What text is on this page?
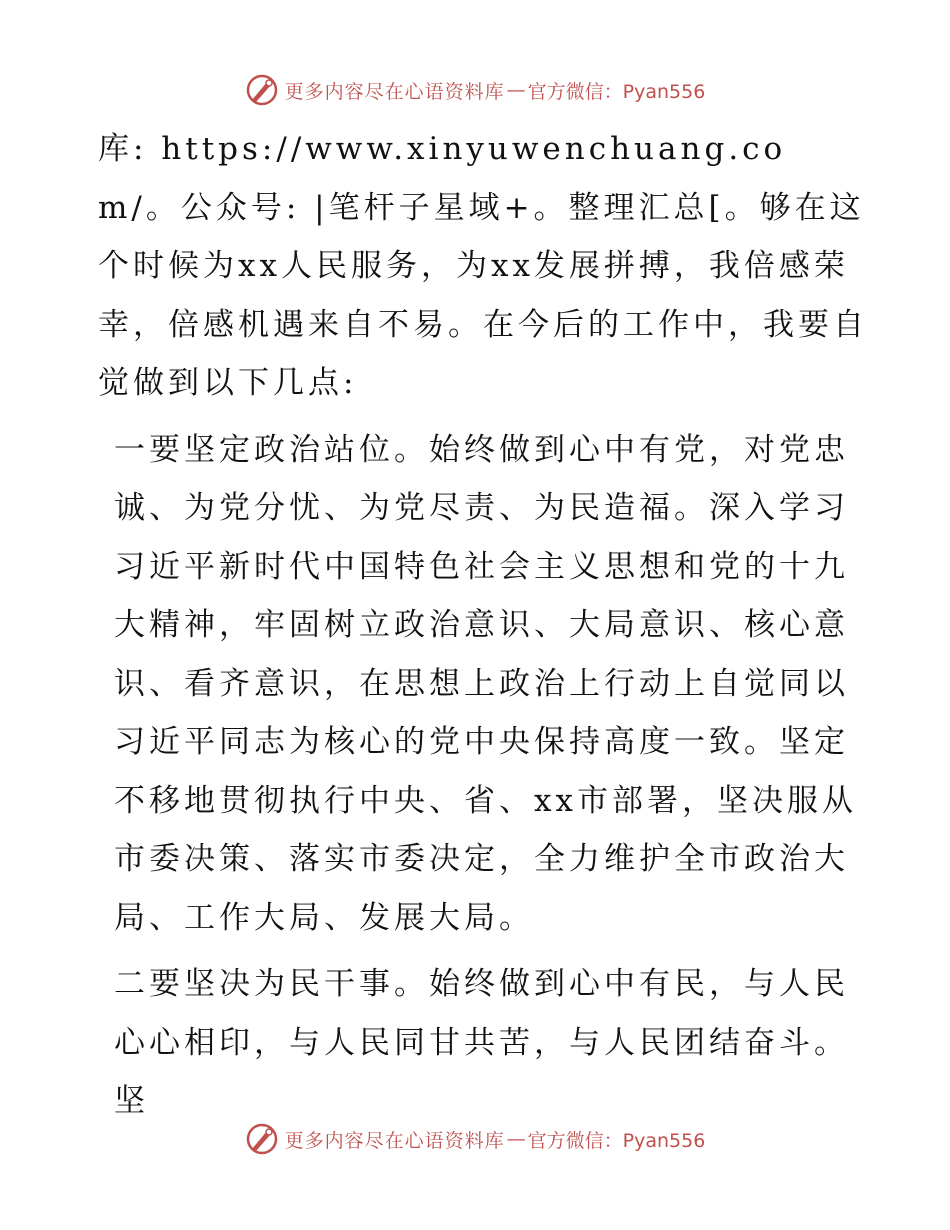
更多内容尽在心语资料库 — 官方微信：Pyan556

库: https://www.xinyuwenchuang.com/。公众号: |笔杆子星域+。整理汇总[。够在这个时候为xx人民服务，为xx发展拼搏，我倍感荣幸，倍感机遇来自不易。在今后的工作中，我要自觉做到以下几点:

一要坚定政治站位。始终做到心中有党，对党忠诚、为党分忧、为党尽责、为民造福。深入学习习近平新时代中国特色社会主义思想和党的十九大精神，牢固树立政治意识、大局意识、核心意识、看齐意识，在思想上政治上行动上自觉同以习近平同志为核心的党中央保持高度一致。坚定不移地贯彻执行中央、省、xx市部署，坚决服从市委决策、落实市委决定，全力维护全市政治大局、工作大局、发展大局。

二要坚决为民干事。始终做到心中有民，与人民心心相印，与人民同甘共苦，与人民团结奋斗。坚

更多内容尽在心语资料库 — 官方微信：Pyan556
